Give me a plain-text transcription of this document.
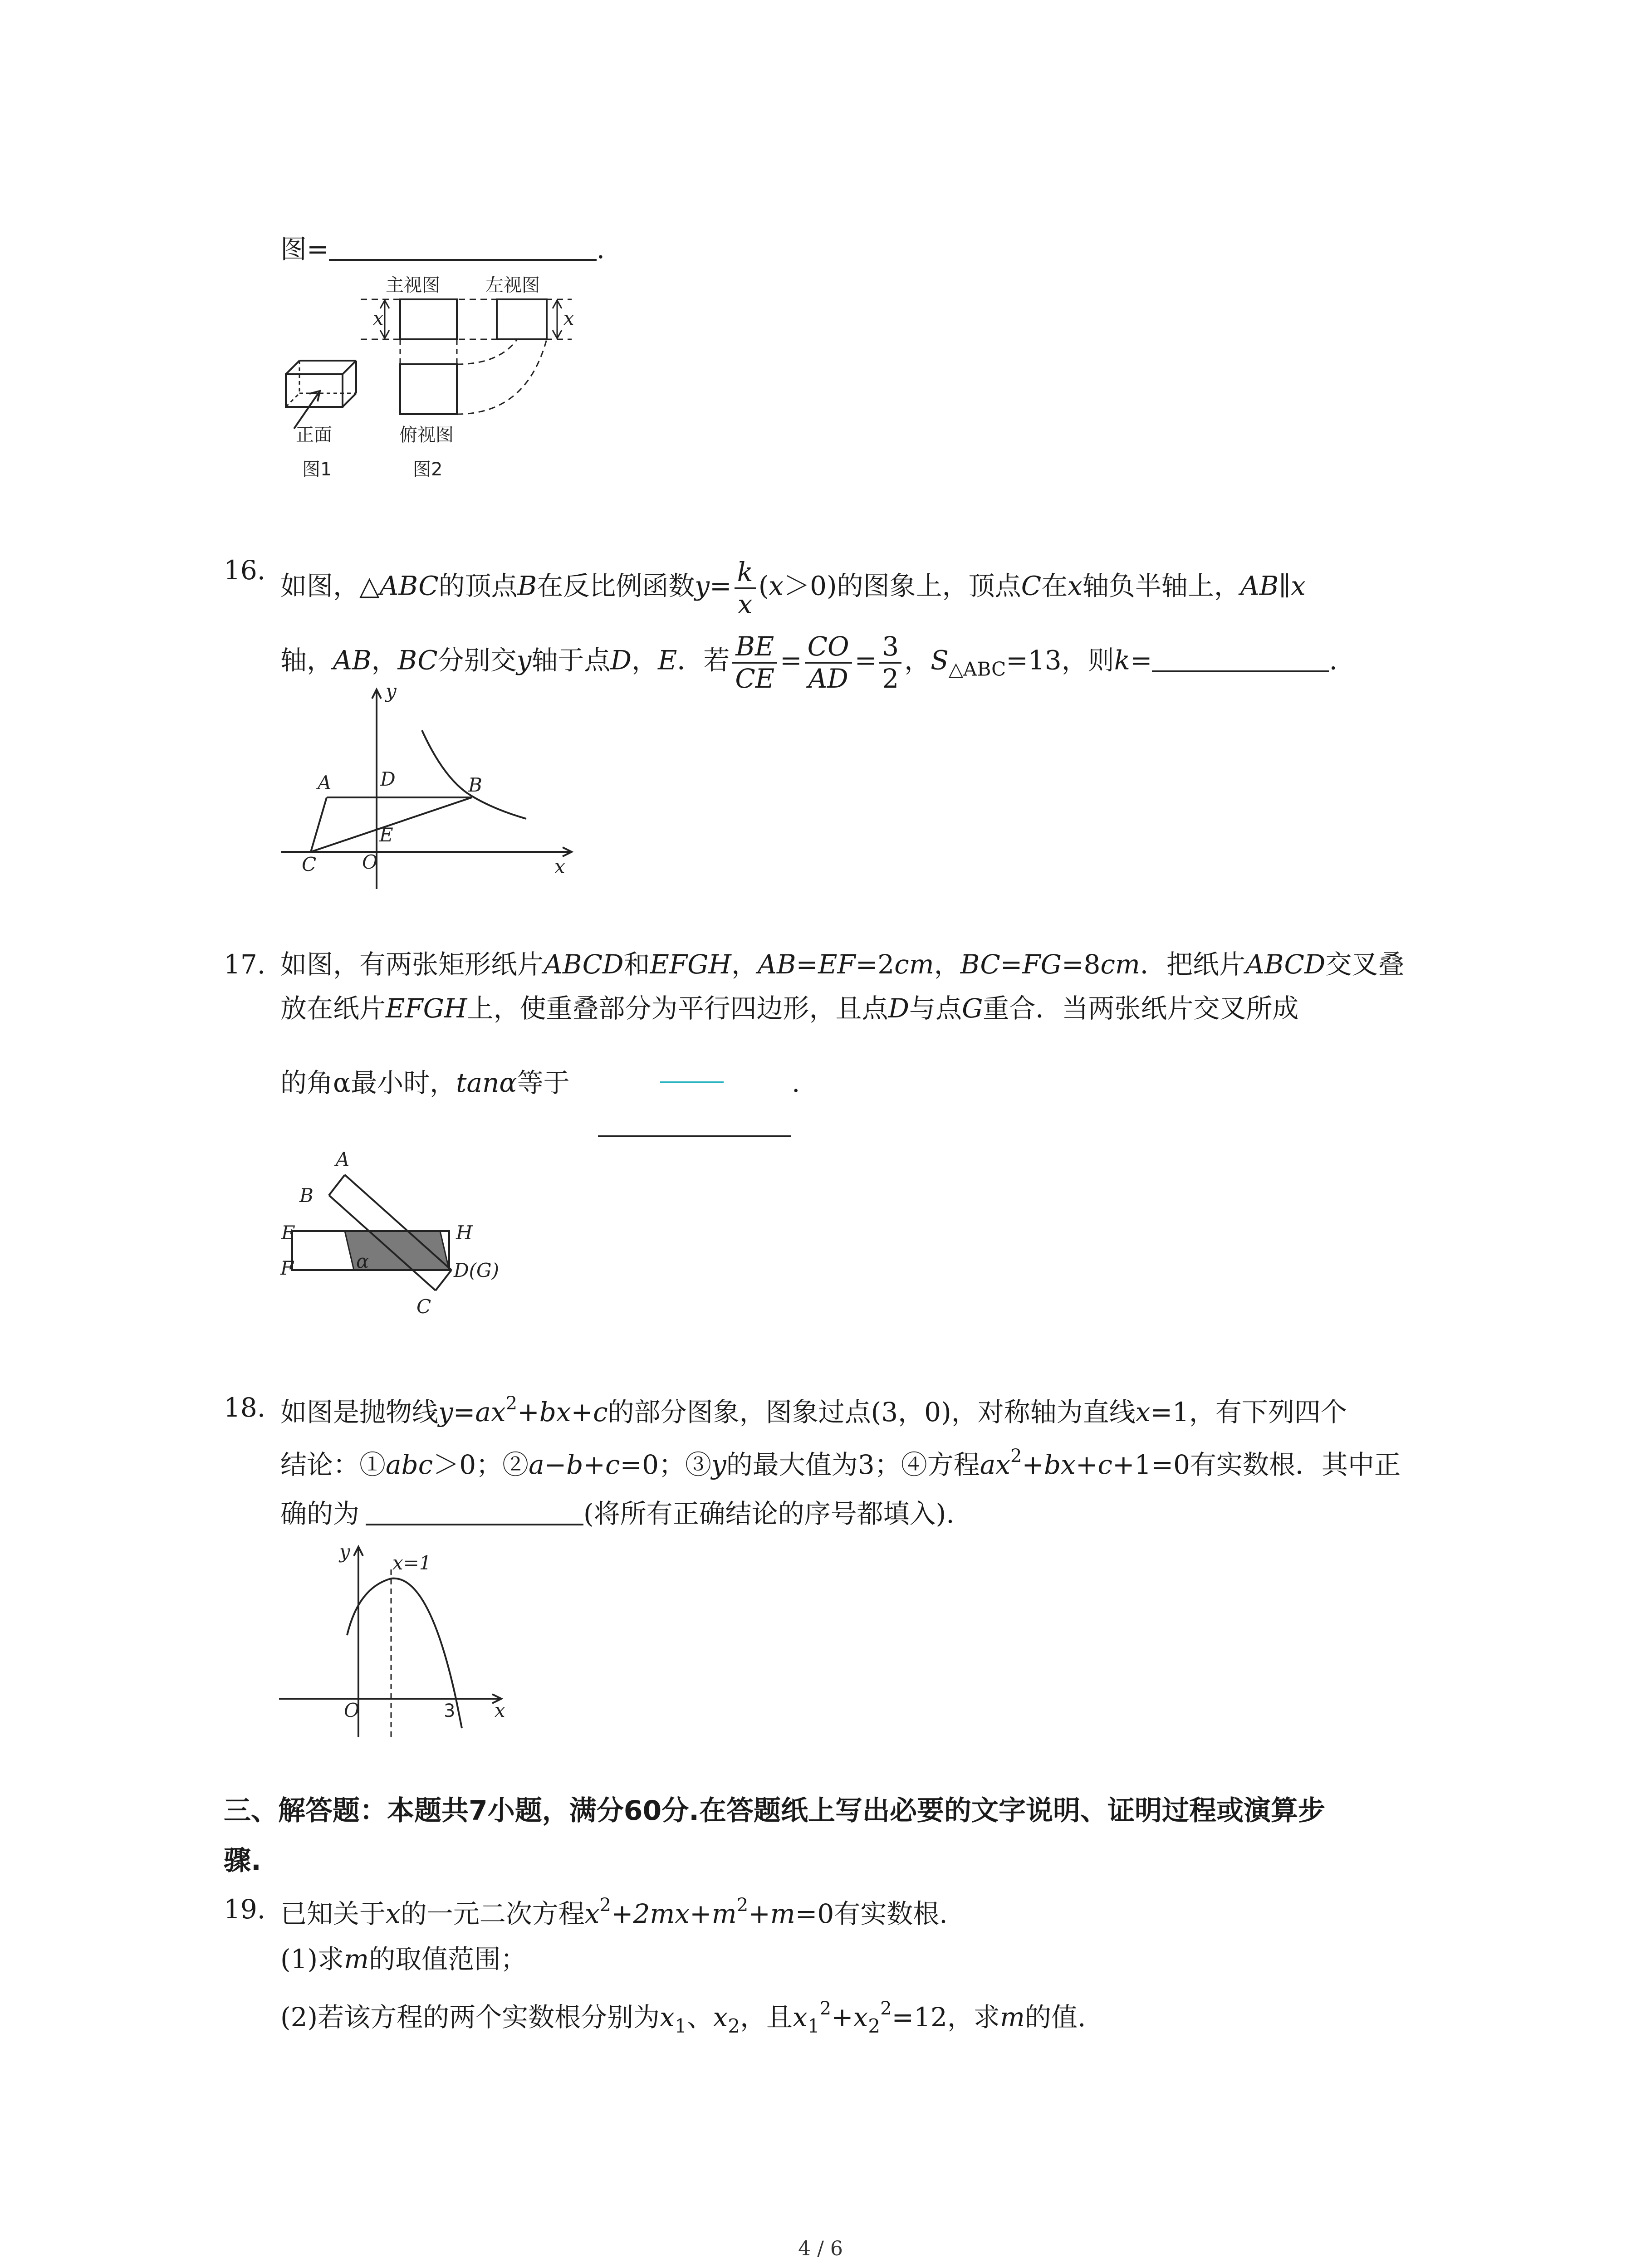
图=	.
主视图	左视图
x	x
正面	俯视图
图1	图2
16.
如图，△ABC的顶点B在反比例函数$y= \frac{k}{x} (x>0)$的图象上，顶点C在x轴负半轴上，AB∥x
轴，AB，BC分别交y轴于点D，E．若 $\frac{BE}{CE} = \frac{CO}{AD} = \frac{3}{2}$ ，$S_{\triangle ABC}=13$，则k=	.
y
A	D	B
E
C O	x
17. 如图，有两张矩形纸片ABCD和EFGH，AB=EF=2cm，BC=FG=8cm．把纸片ABCD交叉叠
放在纸片EFGH上，使重叠部分为平行四边形，且点D与点G重合．当两张纸片交叉所成
的角α最小时，tanα等于	.
A
B
E
F
H
D(G)
α
C
18. 如图是抛物线$y=ax^2+bx+c$的部分图象，图象过点(3，0)，对称轴为直线x=1，有下列四个
结论：①abc＞0；②a−b+c=0；③y的最大值为3；④方程$ax^2+bx+c+1=0$有实数根．其中正
确的为	(将所有正确结论的序号都填入).
y
x=1
O	3 x
三、解答题：本题共7小题，满分60分.在答题纸上写出必要的文字说明、证明过程或演算步
骤.
19. 已知关于x的一元二次方程$x^2+2mx+m^2+m=0$有实数根.
(1)求m的取值范围；
(2)若该方程的两个实数根分别为$x_1$、$x_2$，且$x_1^2+x_2^2=12$，求m的值.
4 / 6
